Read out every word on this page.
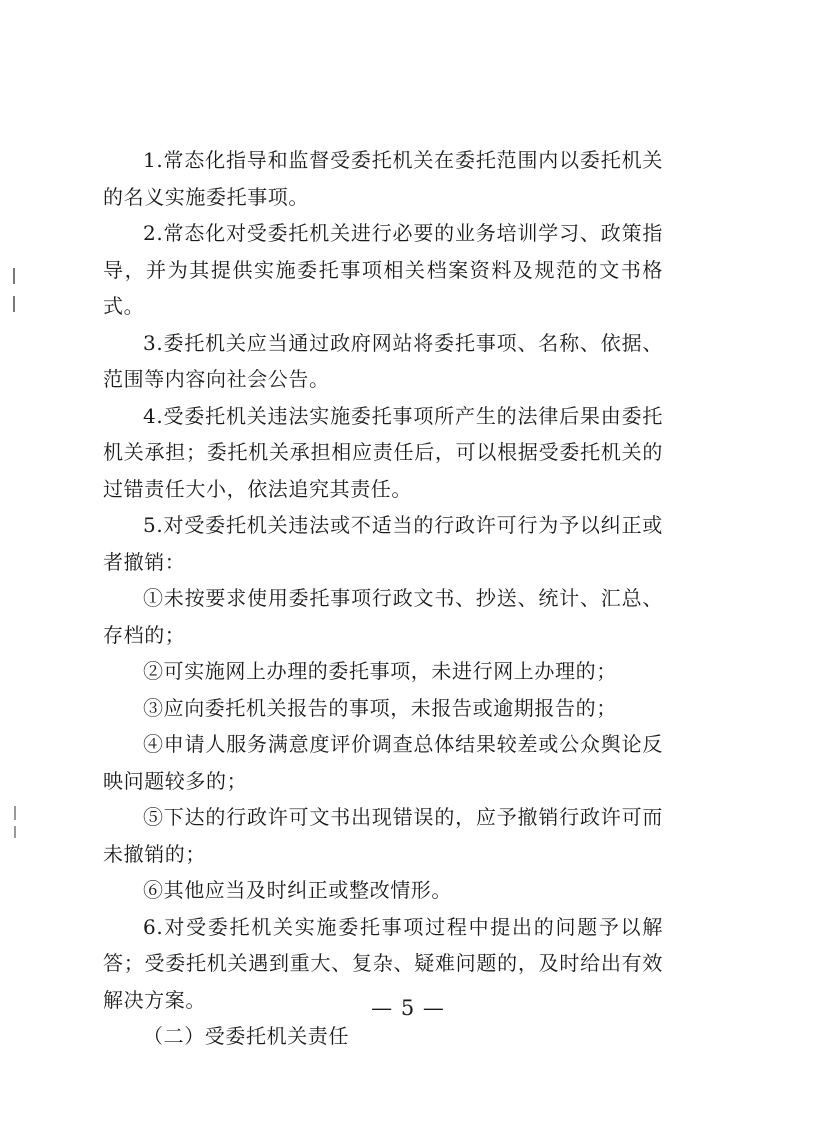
1.常态化指导和监督受委托机关在委托范围内以委托机关的名义实施委托事项。

2.常态化对受委托机关进行必要的业务培训学习、政策指导，并为其提供实施委托事项相关档案资料及规范的文书格式。

3.委托机关应当通过政府网站将委托事项、名称、依据、范围等内容向社会公告。

4.受委托机关违法实施委托事项所产生的法律后果由委托机关承担；委托机关承担相应责任后，可以根据受委托机关的过错责任大小，依法追究其责任。

5.对受委托机关违法或不适当的行政许可行为予以纠正或者撤销：

①未按要求使用委托事项行政文书、抄送、统计、汇总、存档的；

②可实施网上办理的委托事项，未进行网上办理的；

③应向委托机关报告的事项，未报告或逾期报告的；

④申请人服务满意度评价调查总体结果较差或公众舆论反映问题较多的；

⑤下达的行政许可文书出现错误的，应予撤销行政许可而未撤销的；

⑥其他应当及时纠正或整改情形。

6.对受委托机关实施委托事项过程中提出的问题予以解答；受委托机关遇到重大、复杂、疑难问题的，及时给出有效解决方案。

（二）受委托机关责任

— 5 —
